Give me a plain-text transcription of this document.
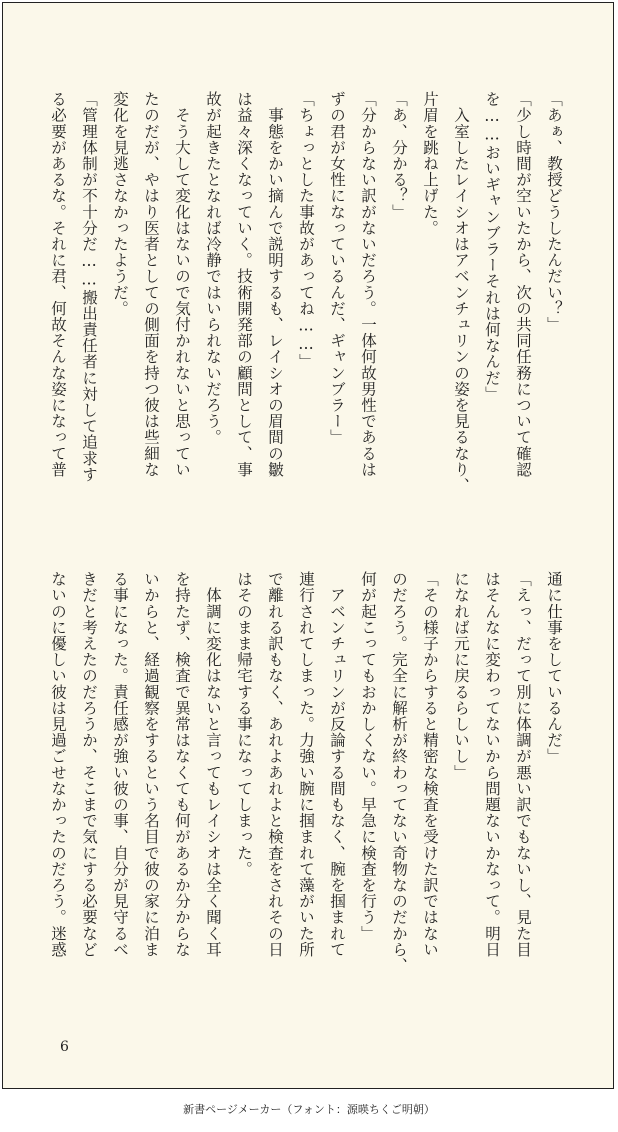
「あぁ、教授どうしたんだい？」
「少し時間が空いたから、次の共同任務について確認
を……おいギャンブラーそれは何なんだ」
　入室したレイシオはアベンチュリンの姿を見るなり、
片眉を跳ね上げた。
「あ、分かる？」
「分からない訳がないだろう。一体何故男性であるは
ずの君が女性になっているんだ、ギャンブラー」
「ちょっとした事故があってね……」
　事態をかい摘んで説明するも、レイシオの眉間の皺
は益々深くなっていく。技術開発部の顧問として、事
故が起きたとなれば冷静ではいられないだろう。
　そう大して変化はないので気付かれないと思ってい
たのだが、やはり医者としての側面を持つ彼は些細な
変化を見逃さなかったようだ。
「管理体制が不十分だ……搬出責任者に対して追求す
る必要があるな。それに君、何故そんな姿になって普
通に仕事をしているんだ」
「えっ、だって別に体調が悪い訳でもないし、見た目
はそんなに変わってないから問題ないかなって。明日
になれば元に戻るらしいし」
「その様子からすると精密な検査を受けた訳ではない
のだろう。完全に解析が終わってない奇物なのだから、
何が起こってもおかしくない。早急に検査を行う」
　アベンチュリンが反論する間もなく、腕を掴まれて
連行されてしまった。力強い腕に掴まれて藻がいた所
で離れる訳もなく、あれよあれよと検査をされその日
はそのまま帰宅する事になってしまった。
　体調に変化はないと言ってもレイシオは全く聞く耳
を持たず、検査で異常はなくても何があるか分からな
いからと、経過観察をするという名目で彼の家に泊ま
る事になった。責任感が強い彼の事、自分が見守るべ
きだと考えたのだろうか、そこまで気にする必要など
ないのに優しい彼は見過ごせなかったのだろう。迷惑
6
新書ページメーカー（フォント：源暎ちくご明朝）
